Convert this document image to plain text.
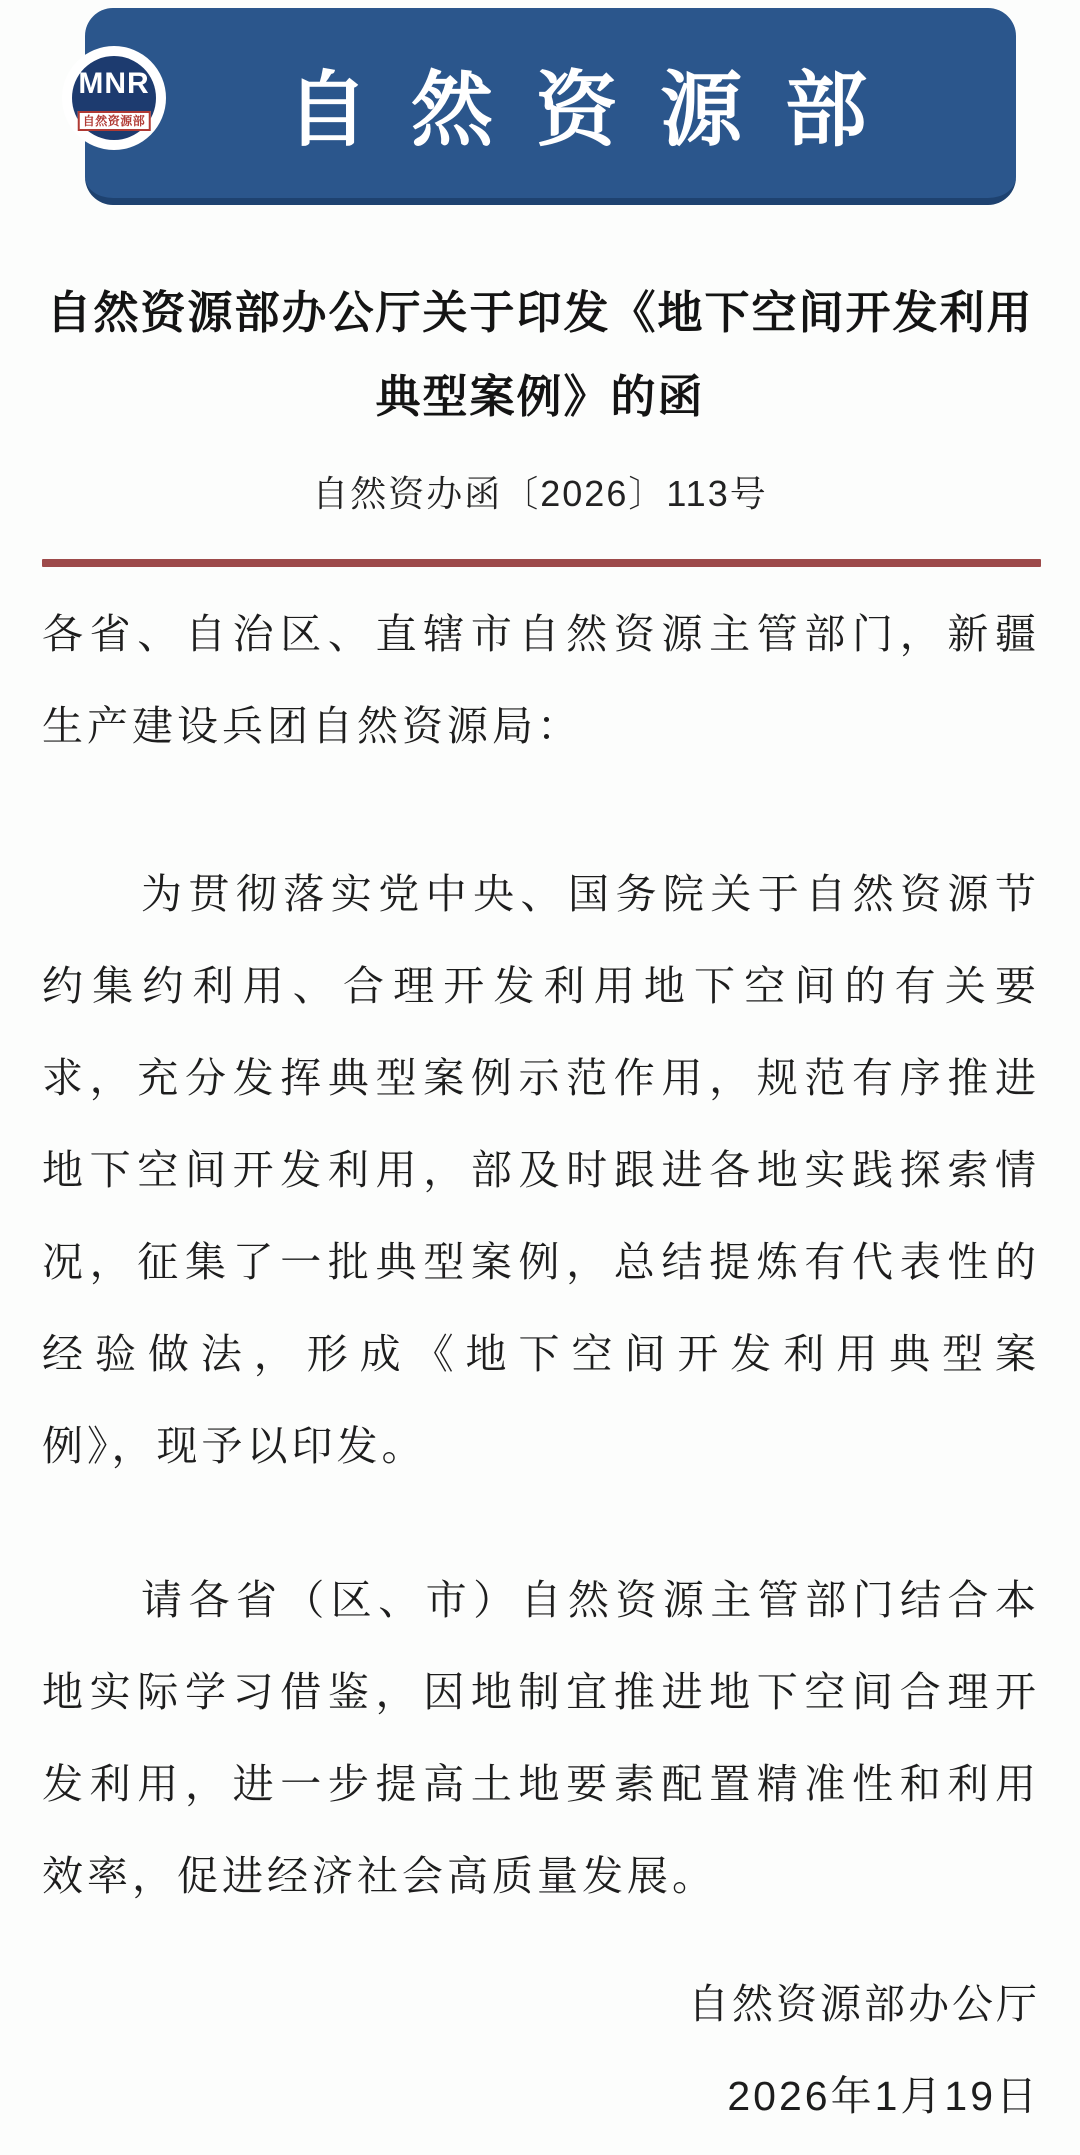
自然资源部
MNR
自然资源部
自然资源部办公厅关于印发《地下空间开发利用
典型案例》的函
自然资办函〔2026〕113号
各省、自治区、直辖市自然资源主管部门，新疆
生产建设兵团自然资源局：
为贯彻落实党中央、国务院关于自然资源节
约集约利用、合理开发利用地下空间的有关要
求，充分发挥典型案例示范作用，规范有序推进
地下空间开发利用，部及时跟进各地实践探索情
况，征集了一批典型案例，总结提炼有代表性的
经验做法，形成《地下空间开发利用典型案
例》，现予以印发。
请各省（区、市）自然资源主管部门结合本
地实际学习借鉴，因地制宜推进地下空间合理开
发利用，进一步提高土地要素配置精准性和利用
效率，促进经济社会高质量发展。
自然资源部办公厅
2026年1月19日
